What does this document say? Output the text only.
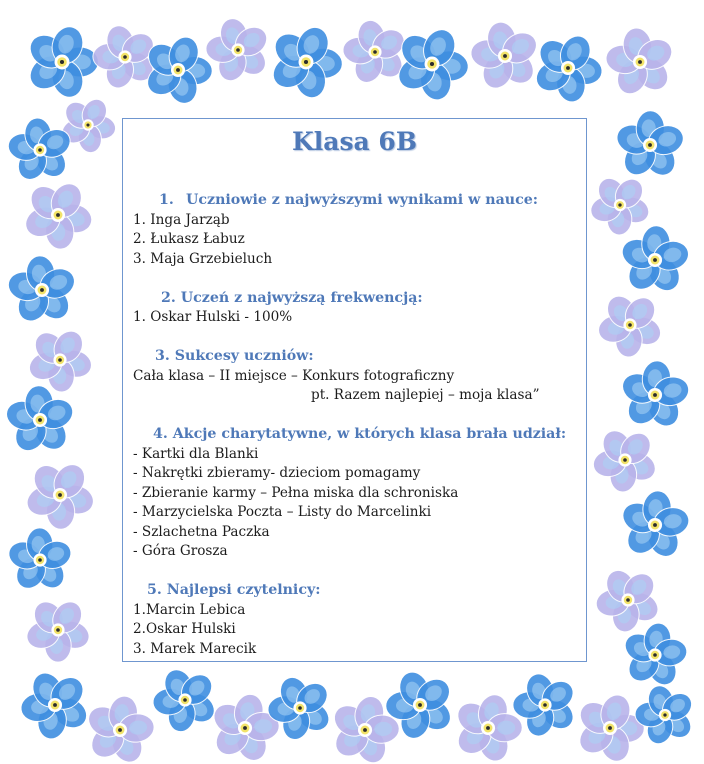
Klasa 6B
1. Uczniowie z najwyższymi wynikami w nauce:
1. Inga Jarząb
2. Łukasz Łabuz
3. Maja Grzebieluch
2. Uczeń z najwyższą frekwencją:
1. Oskar Hulski - 100%
3. Sukcesy uczniów:
Cała klasa – II miejsce – Konkurs fotograficzny
pt. Razem najlepiej – moja klasa”
4. Akcje charytatywne, w których klasa brała udział:
- Kartki dla Blanki
- Nakrętki zbieramy- dzieciom pomagamy
- Zbieranie karmy – Pełna miska dla schroniska
- Marzycielska Poczta – Listy do Marcelinki
- Szlachetna Paczka
- Góra Grosza
5. Najlepsi czytelnicy:
1.Marcin Lebica
2.Oskar Hulski
3. Marek Marecik
